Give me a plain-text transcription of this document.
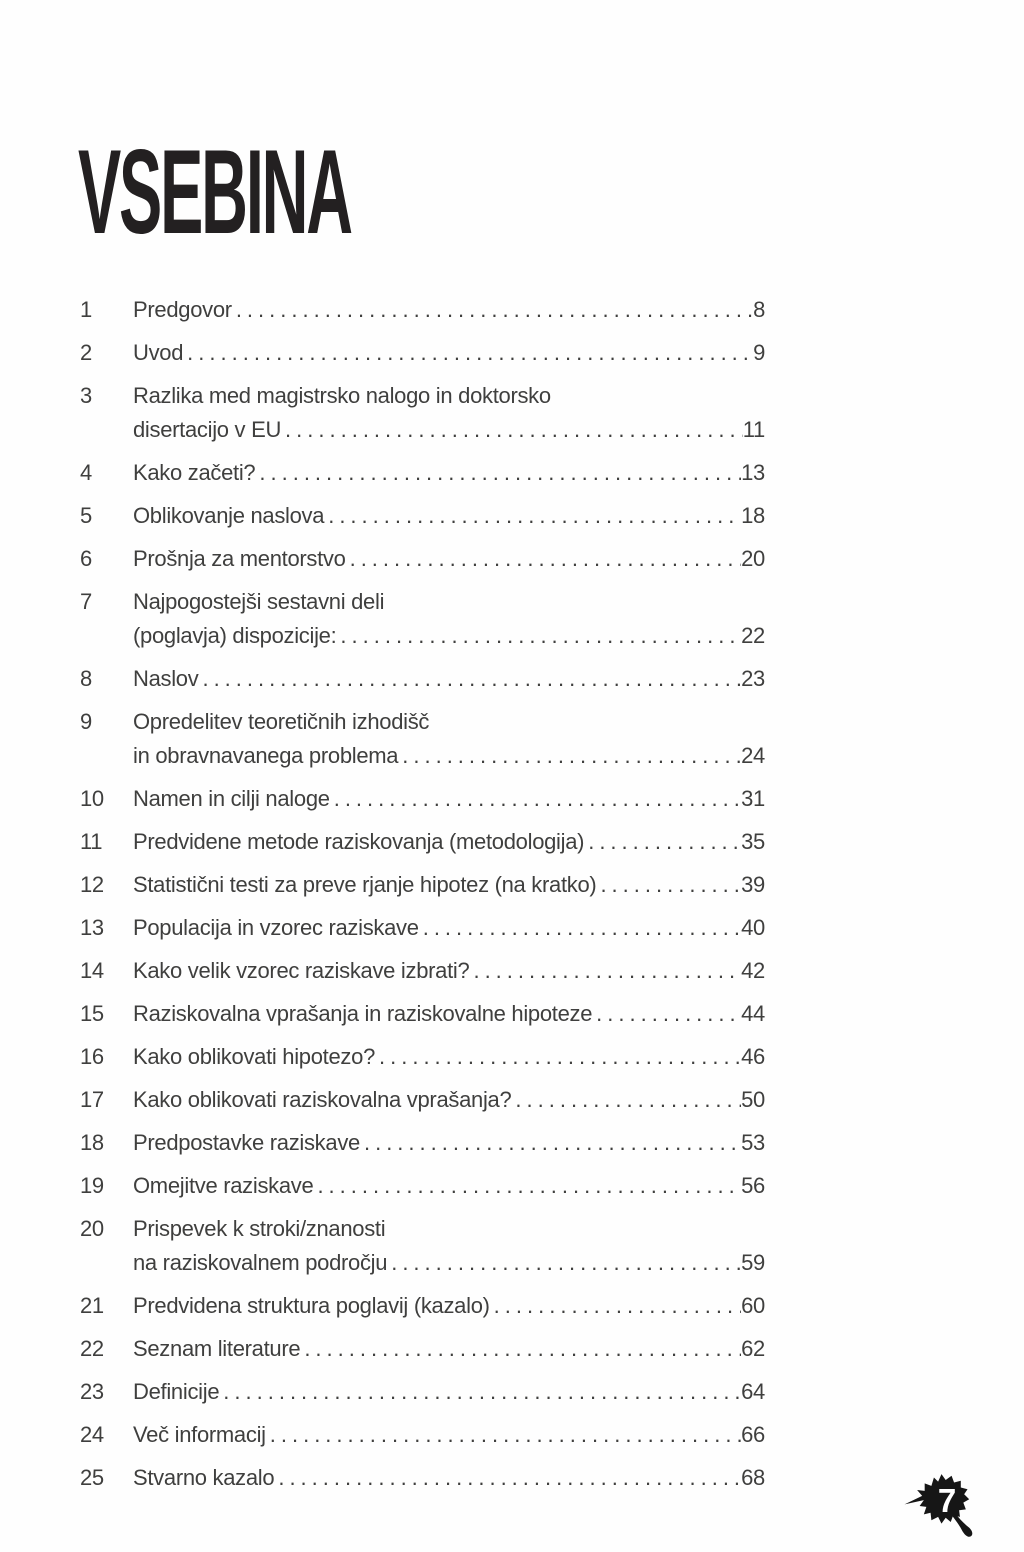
VSEBINA
1	Predgovor .....	8
2	Uvod .....	9
3	Razlika med magistrsko nalogo in doktorsko
disertacijo v EU .....	11
4	Kako začeti? .....	13
5	Oblikovanje naslova .....	18
6	Prošnja za mentorstvo .....	20
7	Najpogostejši sestavni deli
(poglavja) dispozicije: .....	22
8	Naslov .....	23
9	Opredelitev teoretičnih izhodišč
in obravnavanega problema .....	24
10	Namen in cilji naloge .....	31
11	Predvidene metode raziskovanja (metodologija) .....	35
12	Statistični testi za preve rjanje hipotez (na kratko) .....	39
13	Populacija in vzorec raziskave .....	40
14	Kako velik vzorec raziskave izbrati? .....	42
15	Raziskovalna vprašanja in raziskovalne hipoteze .....	44
16	Kako oblikovati hipotezo? .....	46
17	Kako oblikovati raziskovalna vprašanja? .....	50
18	Predpostavke raziskave .....	53
19	Omejitve raziskave .....	56
20	Prispevek k stroki/znanosti
na raziskovalnem področju .....	59
21	Predvidena struktura poglavij (kazalo) .....	60
22	Seznam literature .....	62
23	Definicije .....	64
24	Več informacij .....	66
25	Stvarno kazalo .....	68
7
